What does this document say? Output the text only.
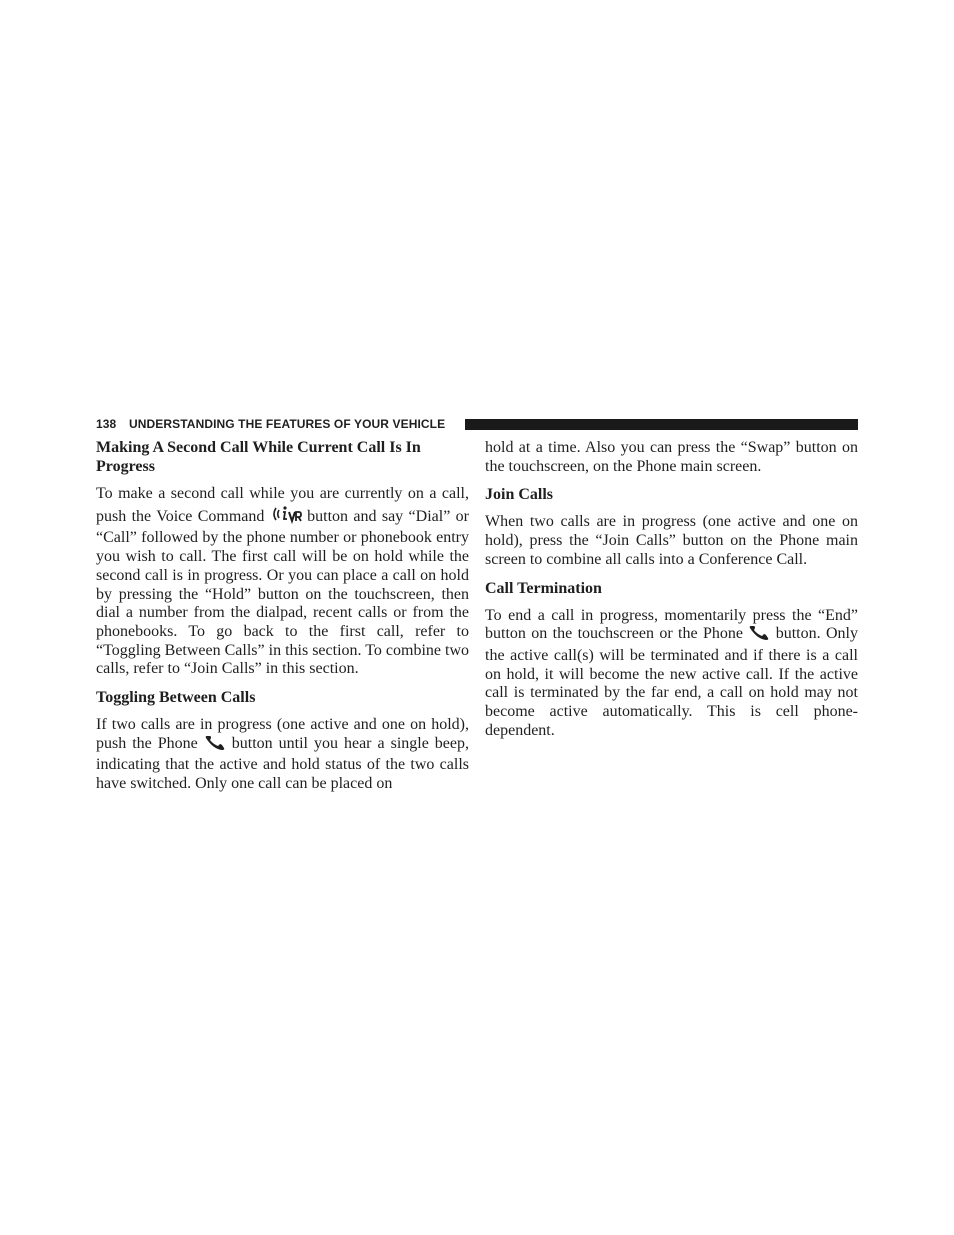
138 UNDERSTANDING THE FEATURES OF YOUR VEHICLE
Making A Second Call While Current Call Is In Progress

To make a second call while you are currently on a call, push the Voice Command  button and say “Dial” or “Call” followed by the phone number or phonebook entry you wish to call. The first call will be on hold while the second call is in progress. Or you can place a call on hold by pressing the “Hold” button on the touchscreen, then dial a number from the dialpad, recent calls or from the phonebooks. To go back to the first call, refer to “Toggling Between Calls” in this section. To combine two calls, refer to “Join Calls” in this section.

Toggling Between Calls

If two calls are in progress (one active and one on hold), push the Phone  button until you hear a single beep, indicating that the active and hold status of the two calls have switched. Only one call can be placed on

hold at a time. Also you can press the “Swap” button on the touchscreen, on the Phone main screen.

Join Calls

When two calls are in progress (one active and one on hold), press the “Join Calls” button on the Phone main screen to combine all calls into a Conference Call.

Call Termination

To end a call in progress, momentarily press the “End” button on the touchscreen or the Phone  button. Only the active call(s) will be terminated and if there is a call on hold, it will become the new active call. If the active call is terminated by the far end, a call on hold may not become active automatically. This is cell phone-dependent.
